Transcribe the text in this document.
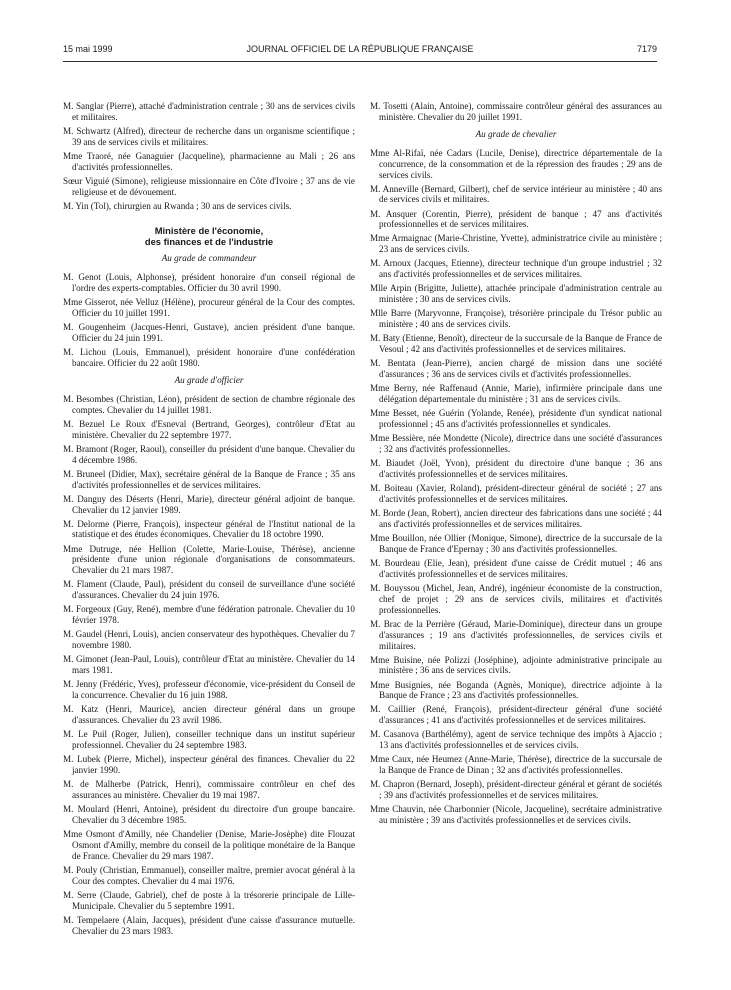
15 mai 1999	JOURNAL OFFICIEL DE LA RÉPUBLIQUE FRANÇAISE	7179

M. Sanglar (Pierre), attaché d'administration centrale ; 30 ans de services civils et militaires.

M. Schwartz (Alfred), directeur de recherche dans un organisme scientifique ; 39 ans de services civils et militaires.

Mme Traoré, née Ganaguier (Jacqueline), pharmacienne au Mali ; 26 ans d'activités professionnelles.

Sœur Viguié (Simone), religieuse missionnaire en Côte d'Ivoire ; 37 ans de vie religieuse et de dévouement.

M. Yin (Tol), chirurgien au Rwanda ; 30 ans de services civils.

Ministère de l'économie,
des finances et de l'industrie
Au grade de commandeur

M. Genot (Louis, Alphonse), président honoraire d'un conseil régional de l'ordre des experts-comptables. Officier du 30 avril 1990.

Mme Gisserot, née Velluz (Hélène), procureur général de la Cour des comptes. Officier du 10 juillet 1991.

M. Gougenheim (Jacques-Henri, Gustave), ancien président d'une banque. Officier du 24 juin 1991.

M. Lichou (Louis, Emmanuel), président honoraire d'une confédération bancaire. Officier du 22 août 1980.

Au grade d'officier

M. Besombes (Christian, Léon), président de section de chambre régionale des comptes. Chevalier du 14 juillet 1981.

M. Bezuel Le Roux d'Esneval (Bertrand, Georges), contrôleur d'Etat au ministère. Chevalier du 22 septembre 1977.

M. Bramont (Roger, Raoul), conseiller du président d'une banque. Chevalier du 4 décembre 1986.

M. Bruneel (Didier, Max), secrétaire général de la Banque de France ; 35 ans d'activités professionnelles et de services militaires.

M. Danguy des Déserts (Henri, Marie), directeur général adjoint de banque. Chevalier du 12 janvier 1989.

M. Delorme (Pierre, François), inspecteur général de l'Institut national de la statistique et des études économiques. Chevalier du 18 octobre 1990.

Mme Dutruge, née Hellion (Colette, Marie-Louise, Thérèse), ancienne présidente d'une union régionale d'organisations de consommateurs. Chevalier du 21 mars 1987.

M. Flament (Claude, Paul), président du conseil de surveillance d'une société d'assurances. Chevalier du 24 juin 1976.

M. Forgeoux (Guy, René), membre d'une fédération patronale. Chevalier du 10 février 1978.

M. Gaudel (Henri, Louis), ancien conservateur des hypothèques. Chevalier du 7 novembre 1980.

M. Gimonet (Jean-Paul, Louis), contrôleur d'Etat au ministère. Chevalier du 14 mars 1981.

M. Jenny (Frédéric, Yves), professeur d'économie, vice-président du Conseil de la concurrence. Chevalier du 16 juin 1988.

M. Katz (Henri, Maurice), ancien directeur général dans un groupe d'assurances. Chevalier du 23 avril 1986.

M. Le Puil (Roger, Julien), conseiller technique dans un institut supérieur professionnel. Chevalier du 24 septembre 1983.

M. Lubek (Pierre, Michel), inspecteur général des finances. Chevalier du 22 janvier 1990.

M. de Malherbe (Patrick, Henri), commissaire contrôleur en chef des assurances au ministère. Chevalier du 19 mai 1987.

M. Moulard (Henri, Antoine), président du directoire d'un groupe bancaire. Chevalier du 3 décembre 1985.

Mme Osmont d'Amilly, née Chandelier (Denise, Marie-Josèphe) dite Flouzat Osmont d'Amilly, membre du conseil de la politique monétaire de la Banque de France. Chevalier du 29 mars 1987.

M. Pouly (Christian, Emmanuel), conseiller maître, premier avocat général à la Cour des comptes. Chevalier du 4 mai 1976.

M. Serre (Claude, Gabriel), chef de poste à la trésorerie principale de Lille-Municipale. Chevalier du 5 septembre 1991.

M. Tempelaere (Alain, Jacques), président d'une caisse d'assurance mutuelle. Chevalier du 23 mars 1983.

M. Tosetti (Alain, Antoine), commissaire contrôleur général des assurances au ministère. Chevalier du 20 juillet 1991.

Au grade de chevalier

Mme Al-Rifaï, née Cadars (Lucile, Denise), directrice départementale de la concurrence, de la consommation et de la répression des fraudes ; 29 ans de services civils.

M. Anneville (Bernard, Gilbert), chef de service intérieur au ministère ; 40 ans de services civils et militaires.

M. Ansquer (Corentin, Pierre), président de banque ; 47 ans d'activités professionnelles et de services militaires.

Mme Armaignac (Marie-Christine, Yvette), administratrice civile au ministère ; 23 ans de services civils.

M. Arnoux (Jacques, Etienne), directeur technique d'un groupe industriel ; 32 ans d'activités professionnelles et de services militaires.

Mlle Arpin (Brigitte, Juliette), attachée principale d'administration centrale au ministère ; 30 ans de services civils.

Mlle Barre (Maryvonne, Françoise), trésorière principale du Trésor public au ministère ; 40 ans de services civils.

M. Baty (Etienne, Benoît), directeur de la succursale de la Banque de France de Vesoul ; 42 ans d'activités professionnelles et de services militaires.

M. Bentata (Jean-Pierre), ancien chargé de mission dans une société d'assurances ; 36 ans de services civils et d'activités professionnelles.

Mme Berny, née Raffenaud (Annie, Marie), infirmière principale dans une délégation départementale du ministère ; 31 ans de services civils.

Mme Besset, née Guérin (Yolande, Renée), présidente d'un syndicat national professionnel ; 45 ans d'activités professionnelles et syndicales.

Mme Bessière, née Mondette (Nicole), directrice dans une société d'assurances ; 32 ans d'activités professionnelles.

M. Biaudet (Joël, Yvon), président du directoire d'une banque ; 36 ans d'activités professionnelles et de services militaires.

M. Boiteau (Xavier, Roland), président-directeur général de société ; 27 ans d'activités professionnelles et de services militaires.

M. Borde (Jean, Robert), ancien directeur des fabrications dans une société ; 44 ans d'activités professionnelles et de services militaires.

Mme Bouillon, née Ollier (Monique, Simone), directrice de la succursale de la Banque de France d'Epernay ; 30 ans d'activités professionnelles.

M. Bourdeau (Elie, Jean), président d'une caisse de Crédit mutuel ; 46 ans d'activités professionnelles et de services militaires.

M. Bouyssou (Michel, Jean, André), ingénieur économiste de la construction, chef de projet ; 29 ans de services civils, militaires et d'activités professionnelles.

M. Brac de la Perrière (Géraud, Marie-Dominique), directeur dans un groupe d'assurances ; 19 ans d'activités professionnelles, de services civils et militaires.

Mme Buisine, née Polizzi (Joséphine), adjointe administrative principale au ministère ; 36 ans de services civils.

Mme Busignies, née Boganda (Agnès, Monique), directrice adjointe à la Banque de France ; 23 ans d'activités professionnelles.

M. Caillier (René, François), président-directeur général d'une société d'assurances ; 41 ans d'activités professionnelles et de services militaires.

M. Casanova (Barthélémy), agent de service technique des impôts à Ajaccio ; 13 ans d'activités professionnelles et de services civils.

Mme Caux, née Heumez (Anne-Marie, Thérèse), directrice de la succursale de la Banque de France de Dinan ; 32 ans d'activités professionnelles.

M. Chapron (Bernard, Joseph), président-directeur général et gérant de sociétés ; 39 ans d'activités professionnelles et de services militaires.

Mme Chauvin, née Charbonnier (Nicole, Jacqueline), secrétaire administrative au ministère ; 39 ans d'activités professionnelles et de services civils.
